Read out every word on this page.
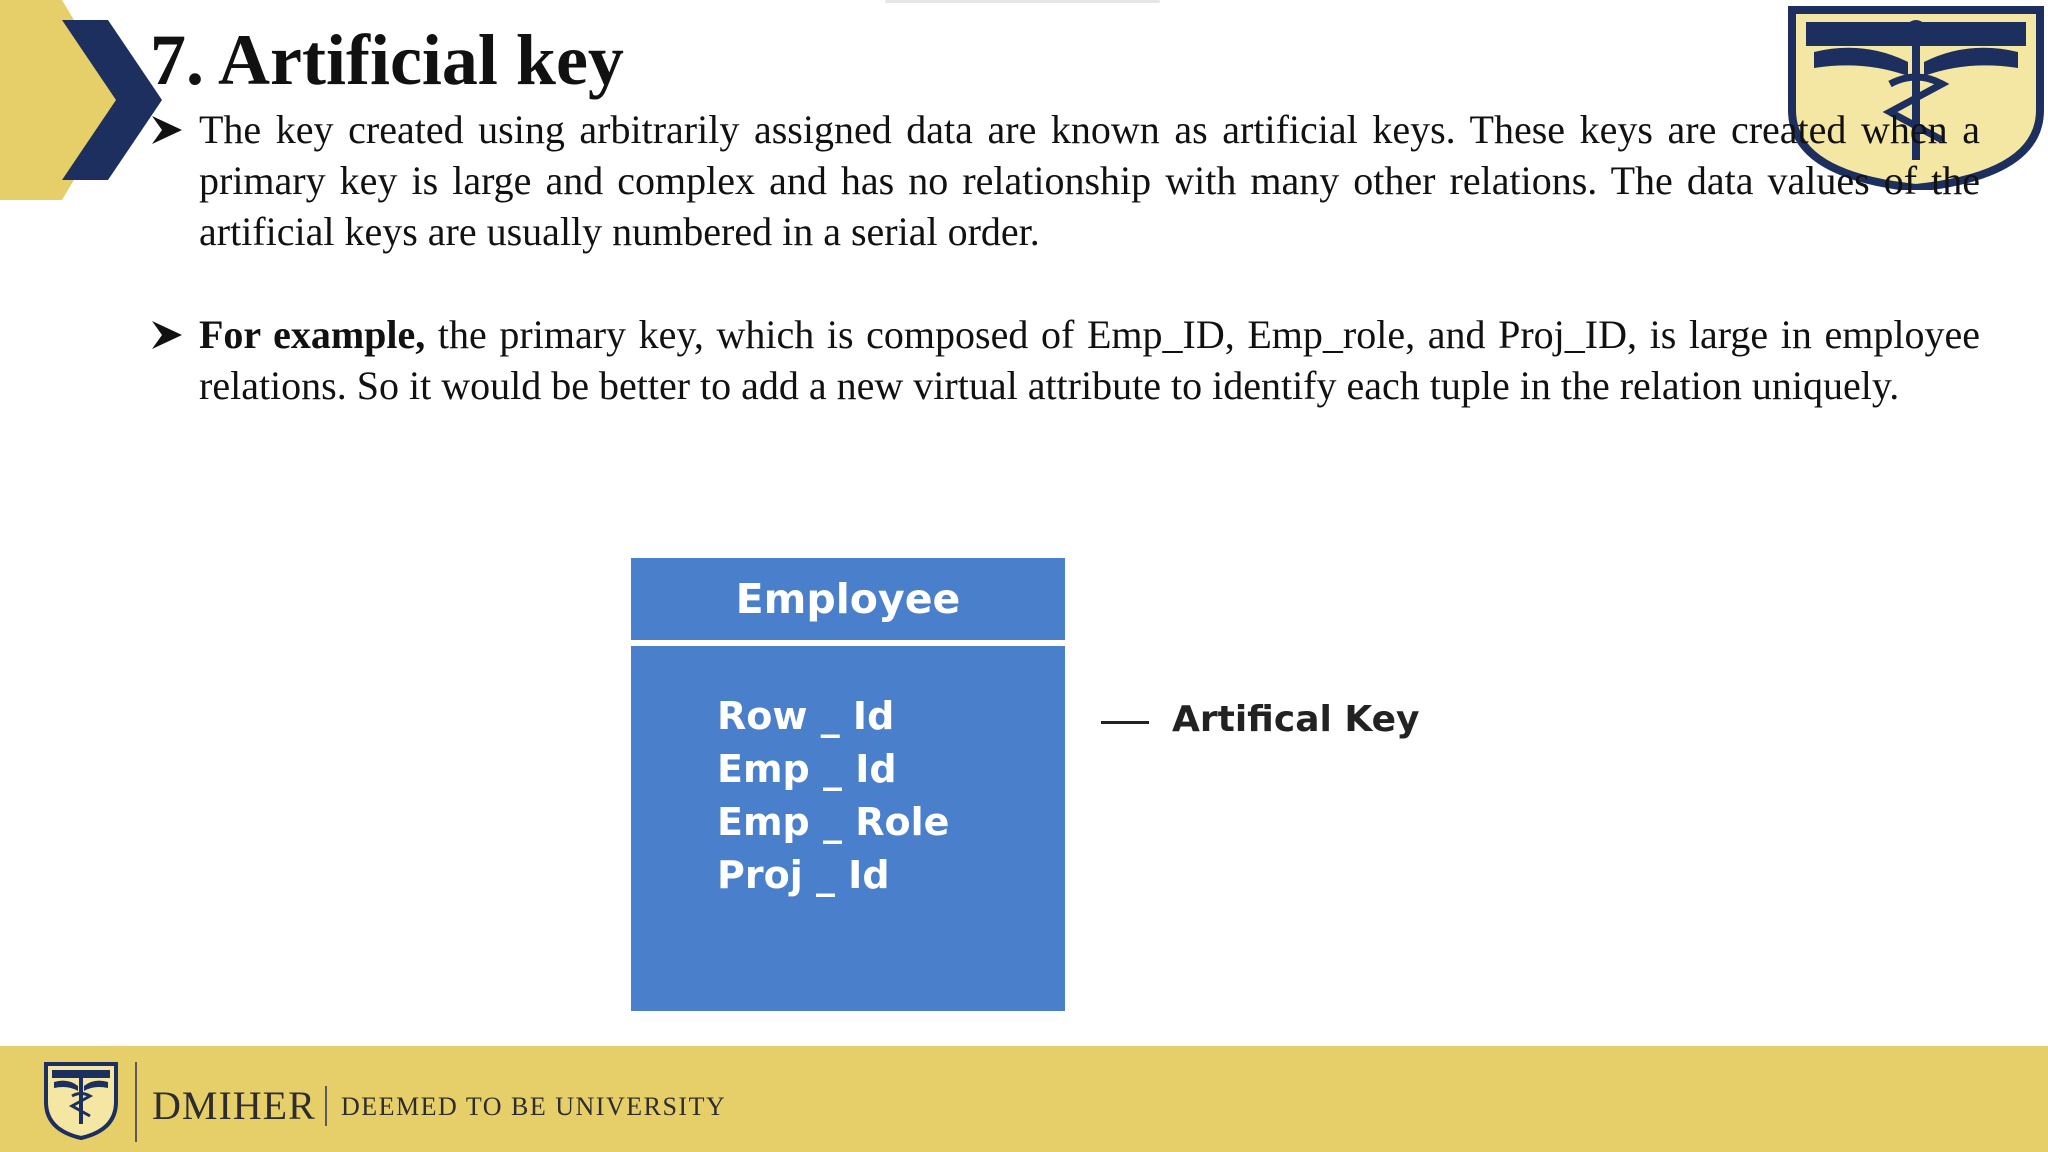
7. Artificial key

The key created using arbitrarily assigned data are known as artificial keys. These keys are created when a primary key is large and complex and has no relationship with many other relations. The data values of the artificial keys are usually numbered in a serial order.

For example, the primary key, which is composed of Emp_ID, Emp_role, and Proj_ID, is large in employee relations. So it would be better to add a new virtual attribute to identify each tuple in the relation uniquely.

Employee
Row _ Id
Emp _ Id
Emp _ Role
Proj _ Id
Artifical Key
DMIHER DEEMED TO BE UNIVERSITY
